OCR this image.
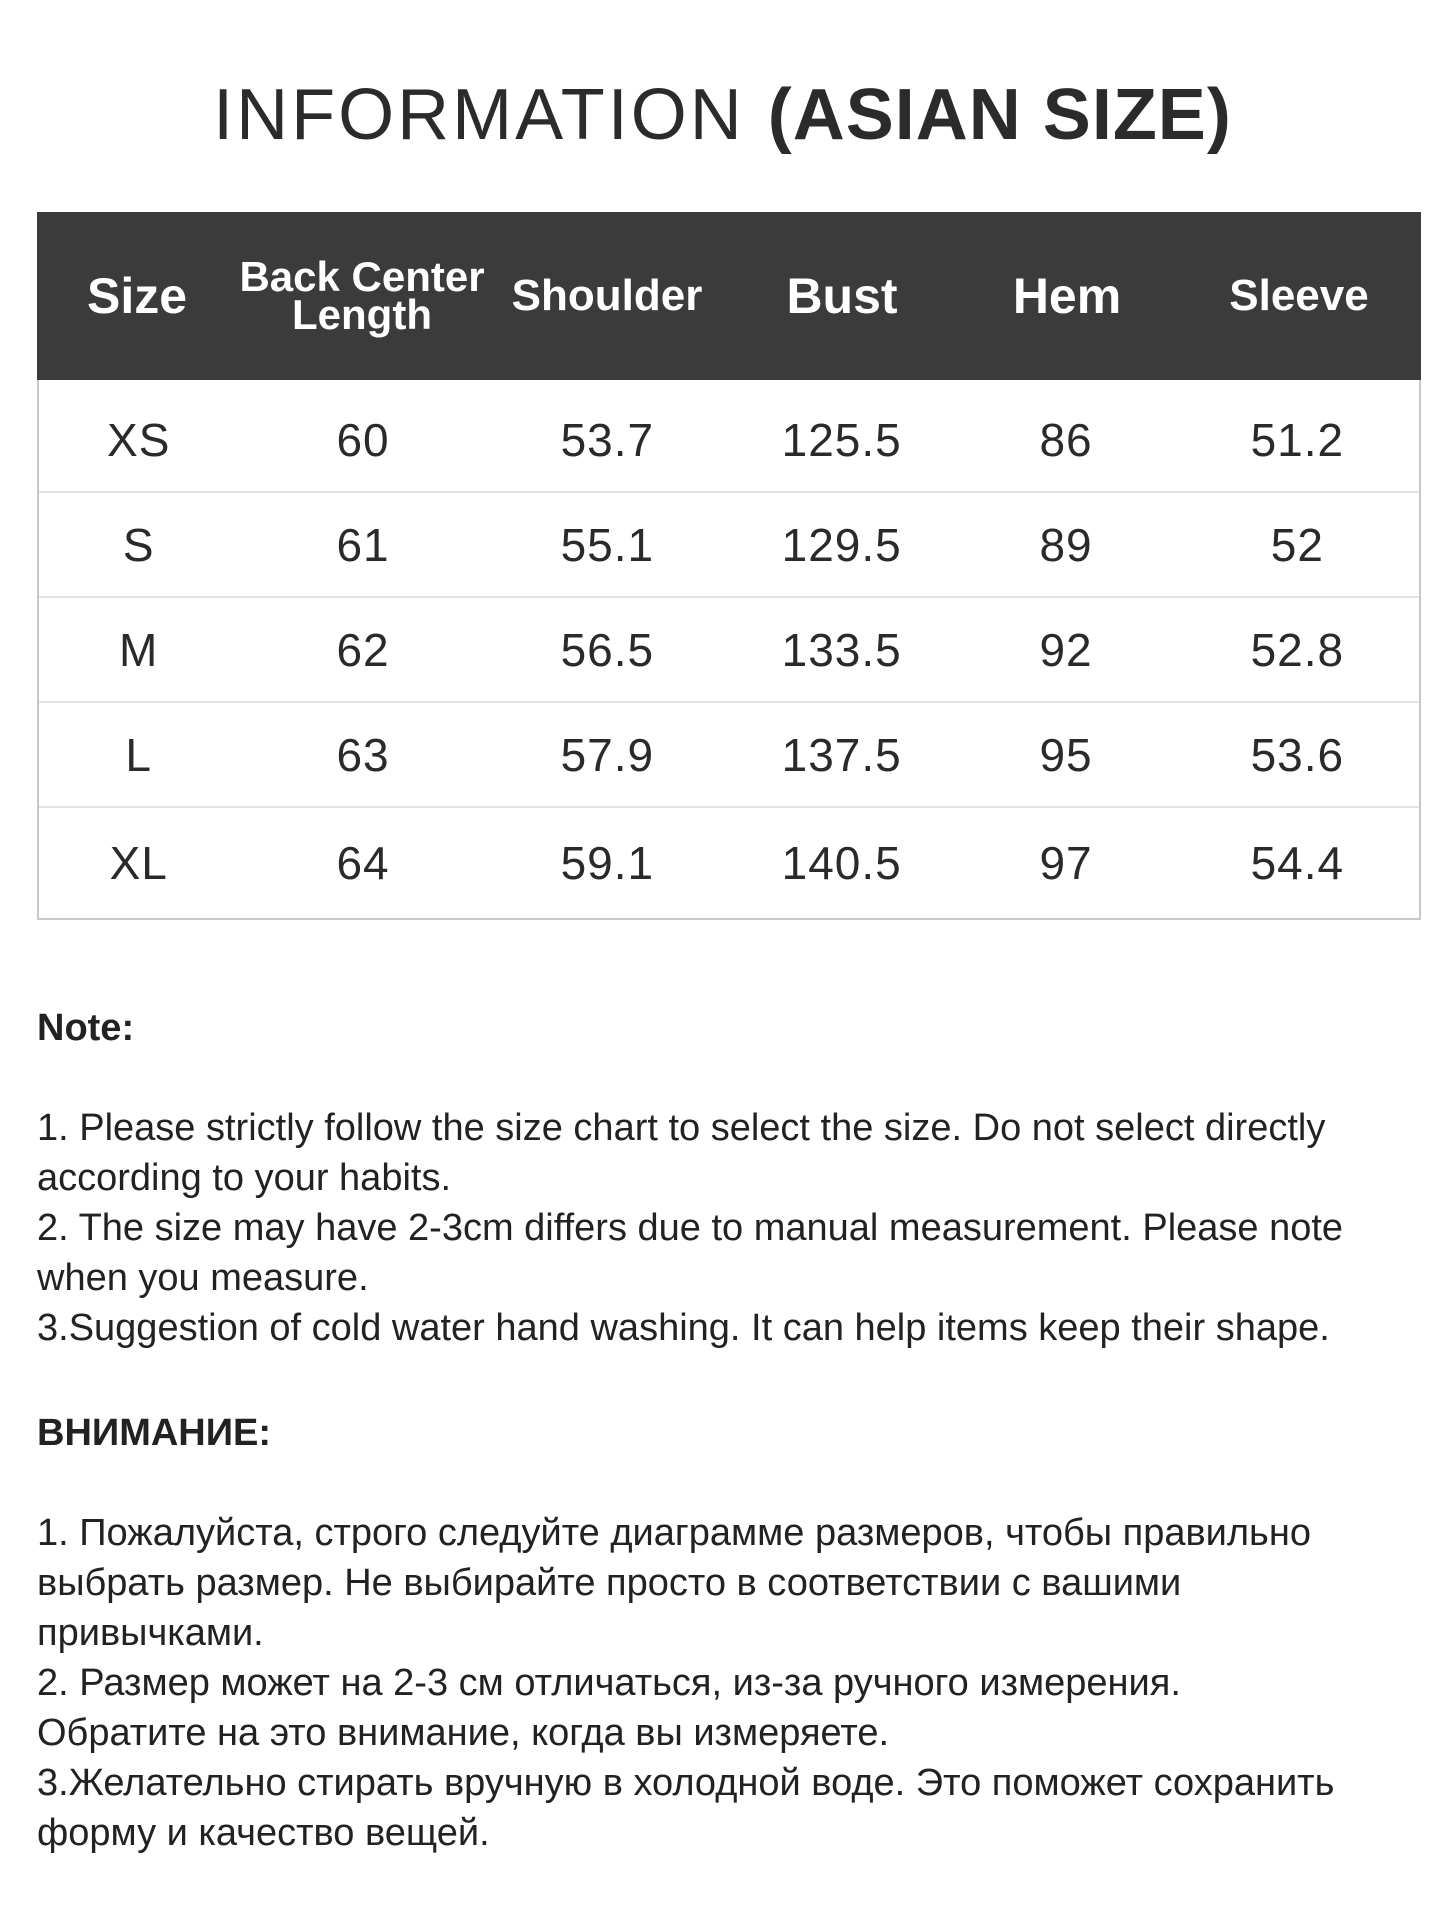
INFORMATION (ASIAN SIZE)
Size	Back Center Length	Shoulder	Bust	Hem	Sleeve
XS	60	53.7	125.5	86	51.2
S	61	55.1	129.5	89	52
M	62	56.5	133.5	92	52.8
L	63	57.9	137.5	95	53.6
XL	64	59.1	140.5	97	54.4

Note:

1. Please strictly follow the size chart to select the size. Do not select directly

according to your habits.

2. The size may have 2-3cm differs due to manual measurement. Please note

when you measure.

3.Suggestion of cold water hand washing. It can help items keep their shape.

ВНИМАНИЕ:

1. Пожалуйста, строго следуйте диаграмме размеров, чтобы правильно

выбрать размер. Не выбирайте просто в соответствии с вашими

привычками.

2. Размер может на 2-3 см отличаться, из-за ручного измерения.

Обратите на это внимание, когда вы измеряете.

3.Желательно стирать вручную в холодной воде. Это поможет сохранить

форму и качество вещей.
